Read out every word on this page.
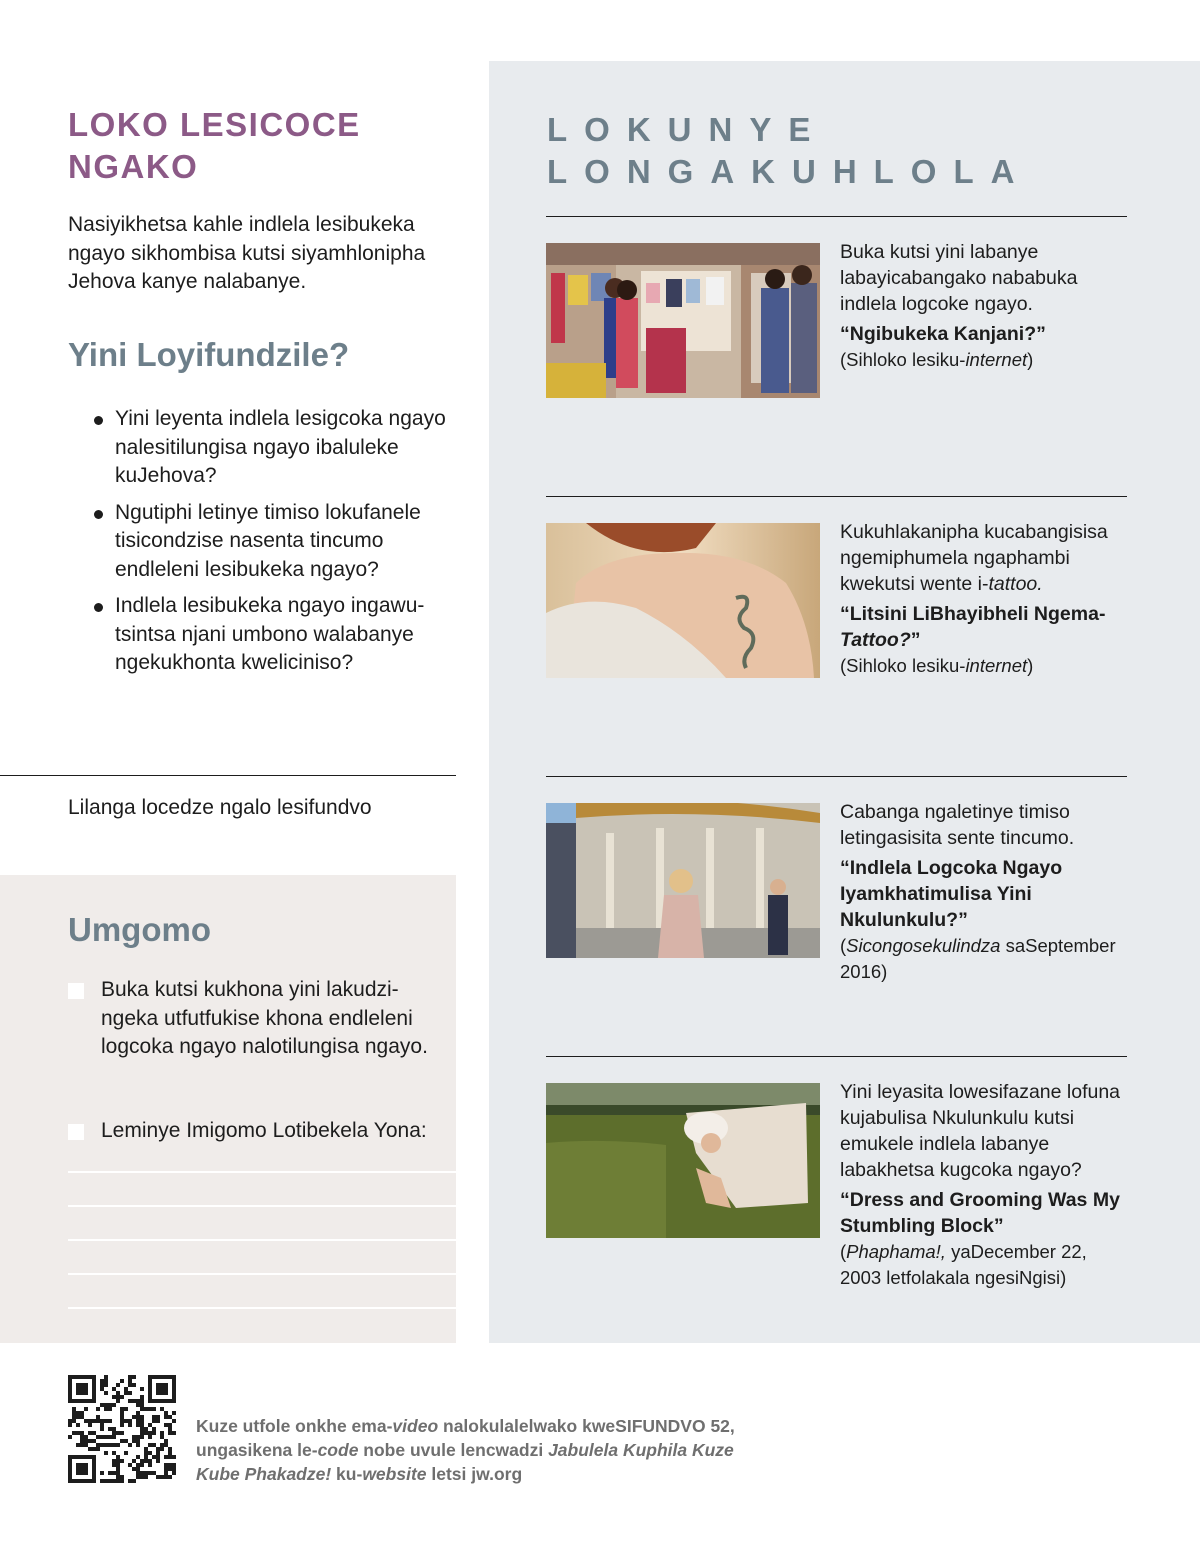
LOKO LESICOCE
NGAKO

Nasiyikhetsa kahle indlela lesibukeka ngayo sikhombisa kutsi siyamhlonipha Jehova kanye nalabanye.

Yini Loyifundzile?
Yini leyenta indlela lesigcoka ngayo nalesitilungisa ngayo ibaluleke kuJehova?
Ngutiphi letinye timiso lokufanele tisicondzise nasenta tincumo endleleni lesibukeka ngayo?
Indlela lesibukeka ngayo ingawutsintsa njani umbono walabanye ngekukhonta kweliciniso?

Lilanga locedze ngalo lesifundvo

Umgomo
Buka kutsi kukhona yini lakudzingeka utfutfukise khona endleleni logcoka ngayo nalotilungisa ngayo.
Leminye Imigomo Lotibekela Yona:
LOKUNYE
LONGAKUHLOLA

Buka kutsi yini labanye labayicabangako nababuka indlela logcoke ngayo.

“Ngibukeka Kanjani?”

(Sihloko lesiku-internet)

Kukuhlakanipha kucabangisisa ngemiphumela ngaphambi kwekutsi wente i-tattoo.

“Litsini LiBhayibheli Ngema-Tattoo?”

(Sihloko lesiku-internet)

Cabanga ngaletinye timiso letingasisita sente tincumo.

“Indlela Logcoka Ngayo Iyamkhatimulisa Yini Nkulunkulu?”

(Sicongosekulindza saSeptember 2016)

Yini leyasita lowesifazane lofuna kujabulisa Nkulunkulu kutsi emukele indlela labanye labakhetsa kugcoka ngayo?

“Dress and Grooming Was My Stumbling Block”

(Phaphama!, yaDecember 22, 2003 letfolakala ngesiNgisi)

Kuze utfole onkhe ema-video nalokulalelwako kweSIFUNDVO 52, ungasikena le-code nobe uvule lencwadzi Jabulela Kuphila Kuze Kube Phakadze! ku-website letsi jw.org
